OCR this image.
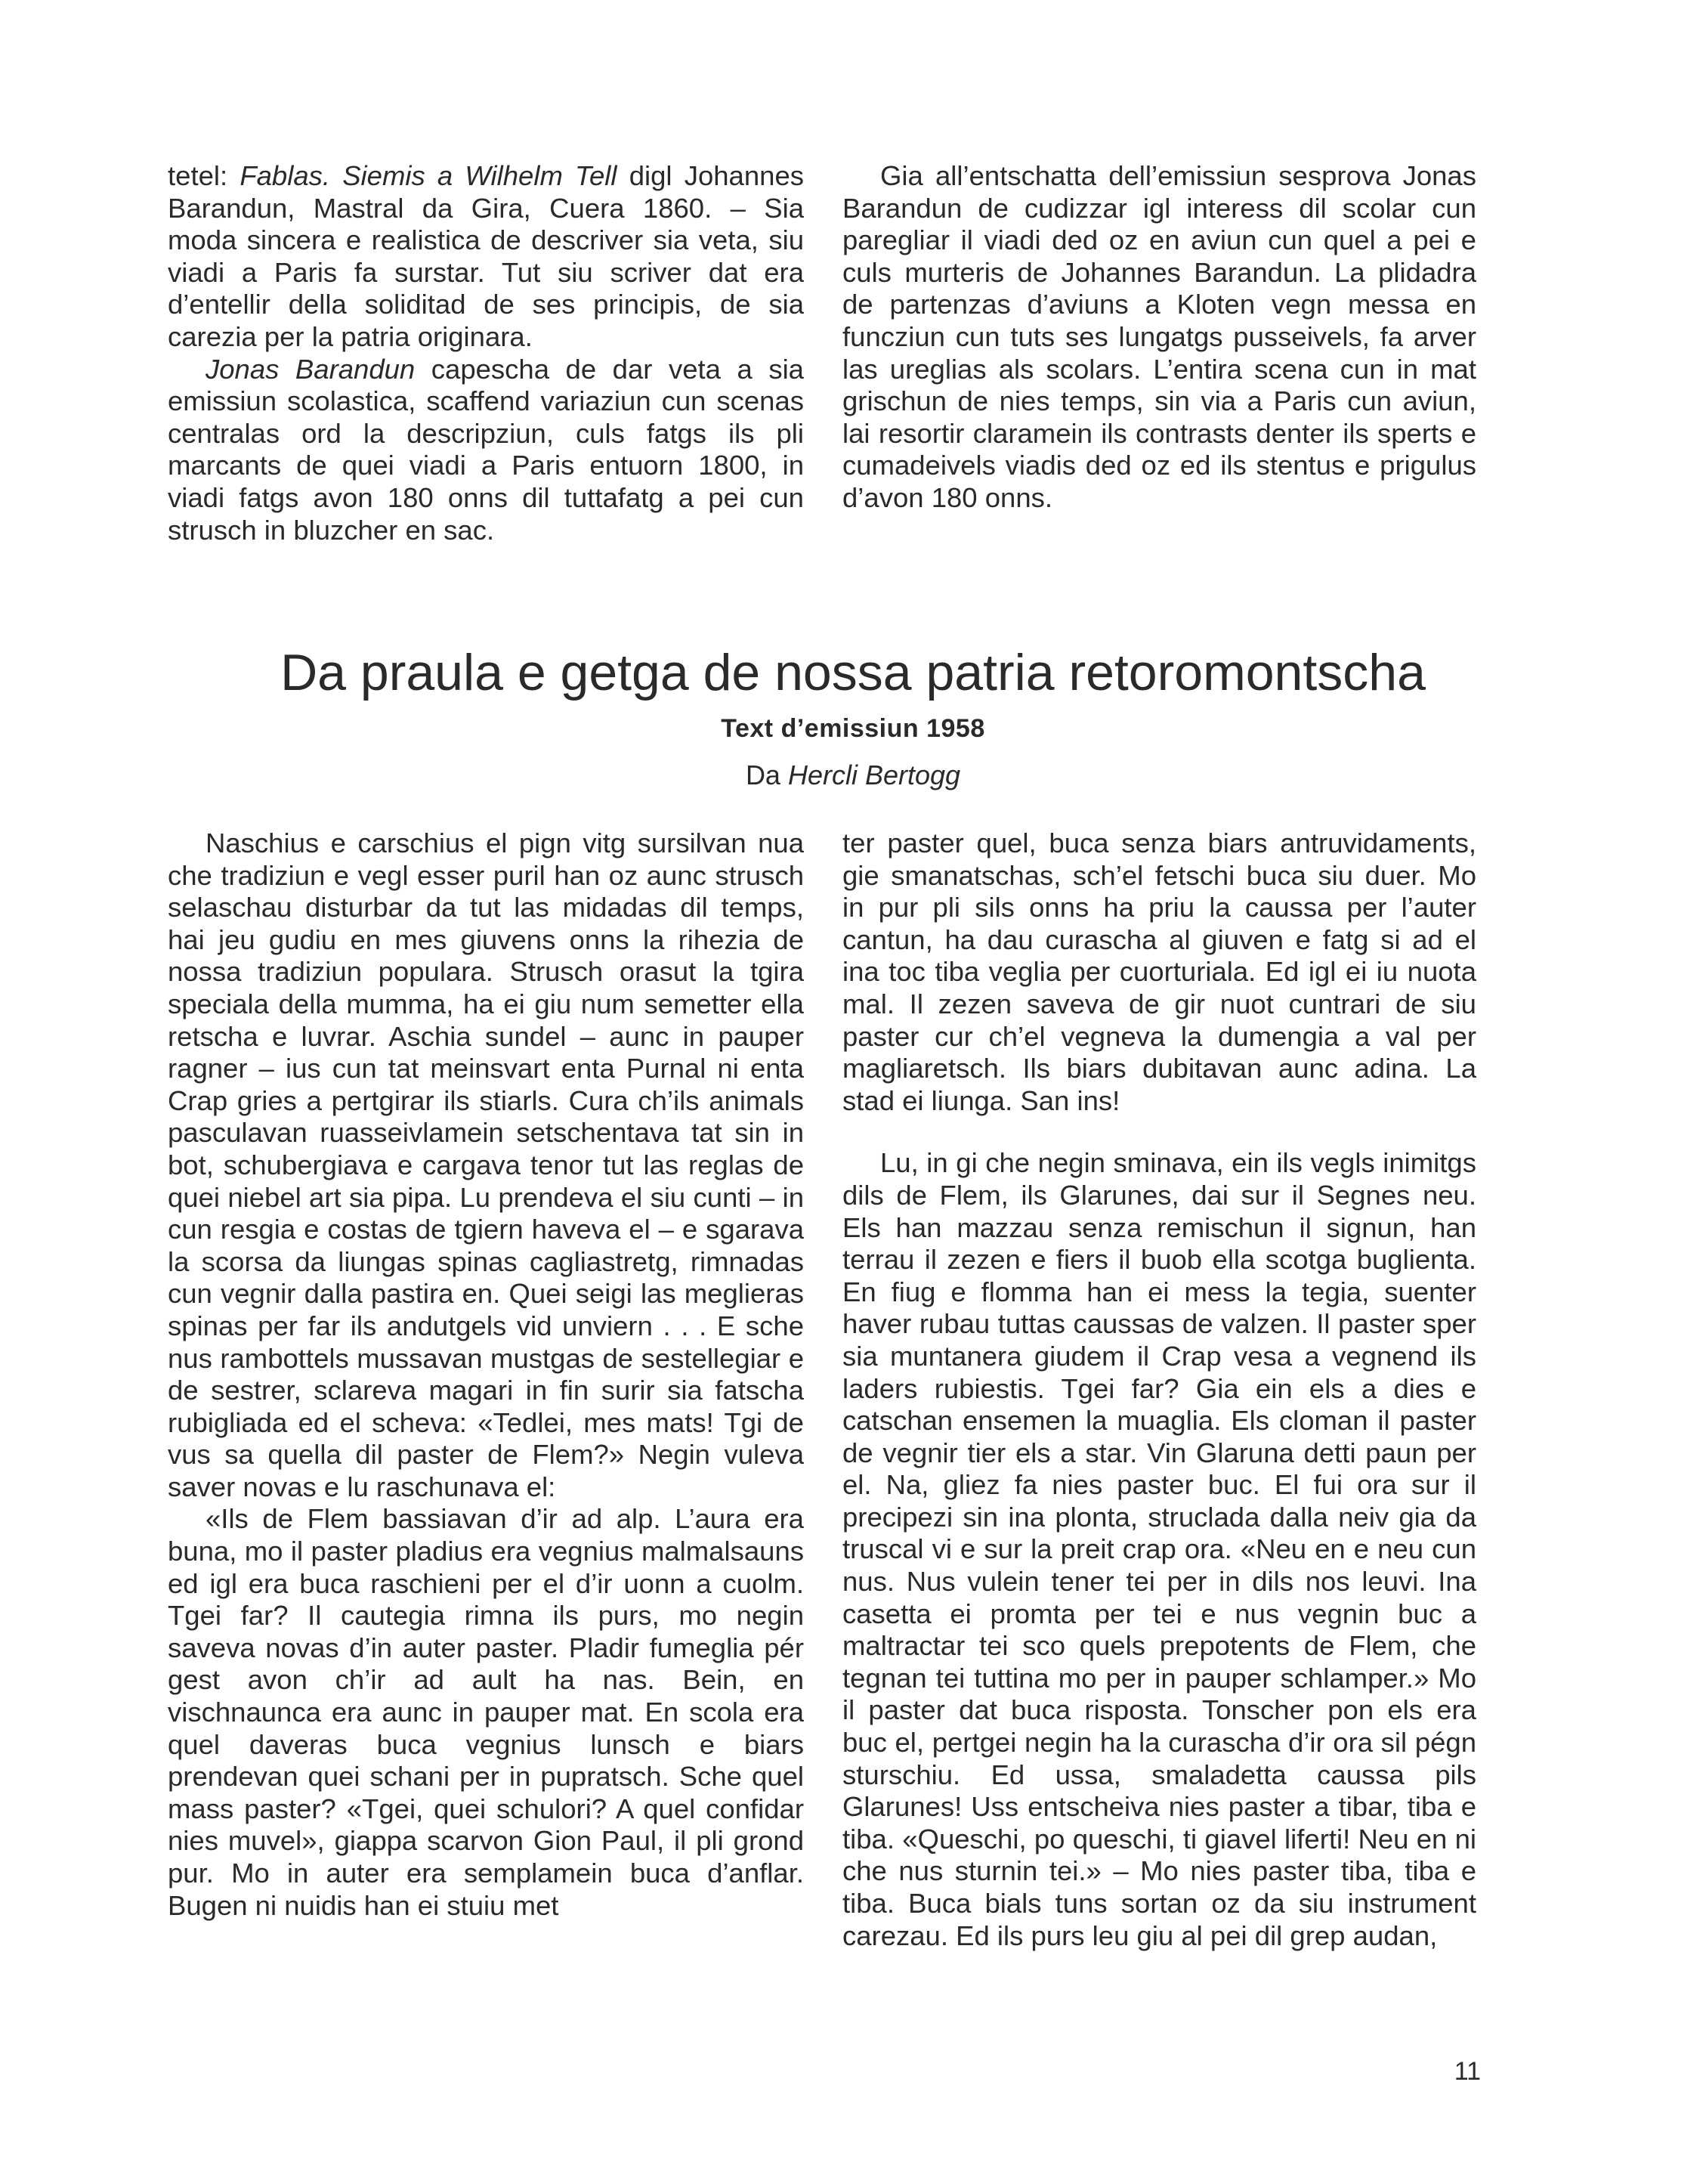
tetel: Fablas. Siemis a Wilhelm Tell digl Johannes Barandun, Mastral da Gira, Cuera 1860. – Sia moda sincera e realistica de descriver sia veta, siu viadi a Paris fa surstar. Tut siu scriver dat era d’entellir della soliditad de ses principis, de sia carezia per la patria originara.

Jonas Barandun capescha de dar veta a sia emissiun scolastica, scaffend variaziun cun scenas centralas ord la descripziun, culs fatgs ils pli marcants de quei viadi a Paris entuorn 1800, in viadi fatgs avon 180 onns dil tuttafatg a pei cun strusch in bluzcher en sac.

Gia all’entschatta dell’emissiun sesprova Jonas Barandun de cudizzar igl interess dil scolar cun paregliar il viadi ded oz en aviun cun quel a pei e culs murteris de Johannes Barandun. La plidadra de partenzas d’aviuns a Kloten vegn messa en funcziun cun tuts ses lungatgs pusseivels, fa arver las ureglias als scolars. L’entira scena cun in mat grischun de nies temps, sin via a Paris cun aviun, lai resortir claramein ils contrasts denter ils sperts e cumadeivels viadis ded oz ed ils stentus e prigulus d’avon 180 onns.

Da praula e getga de nossa patria retoromontscha
Text d’emissiun 1958
Da Hercli Bertogg

Naschius e carschius el pign vitg sursilvan nua che tradiziun e vegl esser puril han oz aunc strusch selaschau disturbar da tut las midadas dil temps, hai jeu gudiu en mes giuvens onns la rihezia de nossa tradiziun populara. Strusch orasut la tgira speciala della mumma, ha ei giu num semetter ella retscha e luvrar. Aschia sundel – aunc in pauper ragner – ius cun tat meinsvart enta Purnal ni enta Crap gries a pertgirar ils stiarls. Cura ch’ils animals pasculavan ruasseivlamein setschentava tat sin in bot, schubergiava e cargava tenor tut las reglas de quei niebel art sia pipa. Lu prendeva el siu cunti – in cun resgia e costas de tgiern haveva el – e sgarava la scorsa da liungas spinas cagliastretg, rimnadas cun vegnir dalla pastira en. Quei seigi las meglieras spinas per far ils andutgels vid unviern . . . E sche nus rambottels mussavan mustgas de sestellegiar e de sestrer, sclareva magari in fin surir sia fatscha rubigliada ed el scheva: «Tedlei, mes mats! Tgi de vus sa quella dil paster de Flem?» Negin vuleva saver novas e lu raschunava el:

«Ils de Flem bassiavan d’ir ad alp. L’aura era buna, mo il paster pladius era vegnius malmalsauns ed igl era buca raschieni per el d’ir uonn a cuolm. Tgei far? Il cautegia rimna ils purs, mo negin saveva novas d’in auter paster. Pladir fumeglia pér gest avon ch’ir ad ault ha nas. Bein, en vischnaunca era aunc in pauper mat. En scola era quel daveras buca vegnius lunsch e biars prendevan quei schani per in pupratsch. Sche quel mass paster? «Tgei, quei schulori? A quel confidar nies muvel», giappa scarvon Gion Paul, il pli grond pur. Mo in auter era semplamein buca d’anflar. Bugen ni nuidis han ei stuiu met

ter paster quel, buca senza biars antruvidaments, gie smanatschas, sch’el fetschi buca siu duer. Mo in pur pli sils onns ha priu la caussa per l’auter cantun, ha dau curascha al giuven e fatg si ad el ina toc tiba veglia per cuorturiala. Ed igl ei iu nuota mal. Il zezen saveva de gir nuot cuntrari de siu paster cur ch’el vegneva la dumengia a val per magliaretsch. Ils biars dubitavan aunc adina. La stad ei liunga. San ins!

Lu, in gi che negin sminava, ein ils vegls inimitgs dils de Flem, ils Glarunes, dai sur il Segnes neu. Els han mazzau senza remischun il signun, han terrau il zezen e fiers il buob ella scotga buglienta. En fiug e flomma han ei mess la tegia, suenter haver rubau tuttas caussas de valzen. Il paster sper sia muntanera giudem il Crap vesa a vegnend ils laders rubiestis. Tgei far? Gia ein els a dies e catschan ensemen la muaglia. Els cloman il paster de vegnir tier els a star. Vin Glaruna detti paun per el. Na, gliez fa nies paster buc. El fui ora sur il precipezi sin ina plonta, struclada dalla neiv gia da truscal vi e sur la preit crap ora. «Neu en e neu cun nus. Nus vulein tener tei per in dils nos leuvi. Ina casetta ei promta per tei e nus vegnin buc a maltractar tei sco quels prepotents de Flem, che tegnan tei tuttina mo per in pauper schlamper.» Mo il paster dat buca risposta. Tonscher pon els era buc el, pertgei negin ha la curascha d’ir ora sil pégn sturschiu. Ed ussa, smaladetta caussa pils Glarunes! Uss entscheiva nies paster a tibar, tiba e tiba. «Queschi, po queschi, ti giavel liferti! Neu en ni che nus sturnin tei.» – Mo nies paster tiba, tiba e tiba. Buca bials tuns sortan oz da siu instrument carezau. Ed ils purs leu giu al pei dil grep audan,

11
